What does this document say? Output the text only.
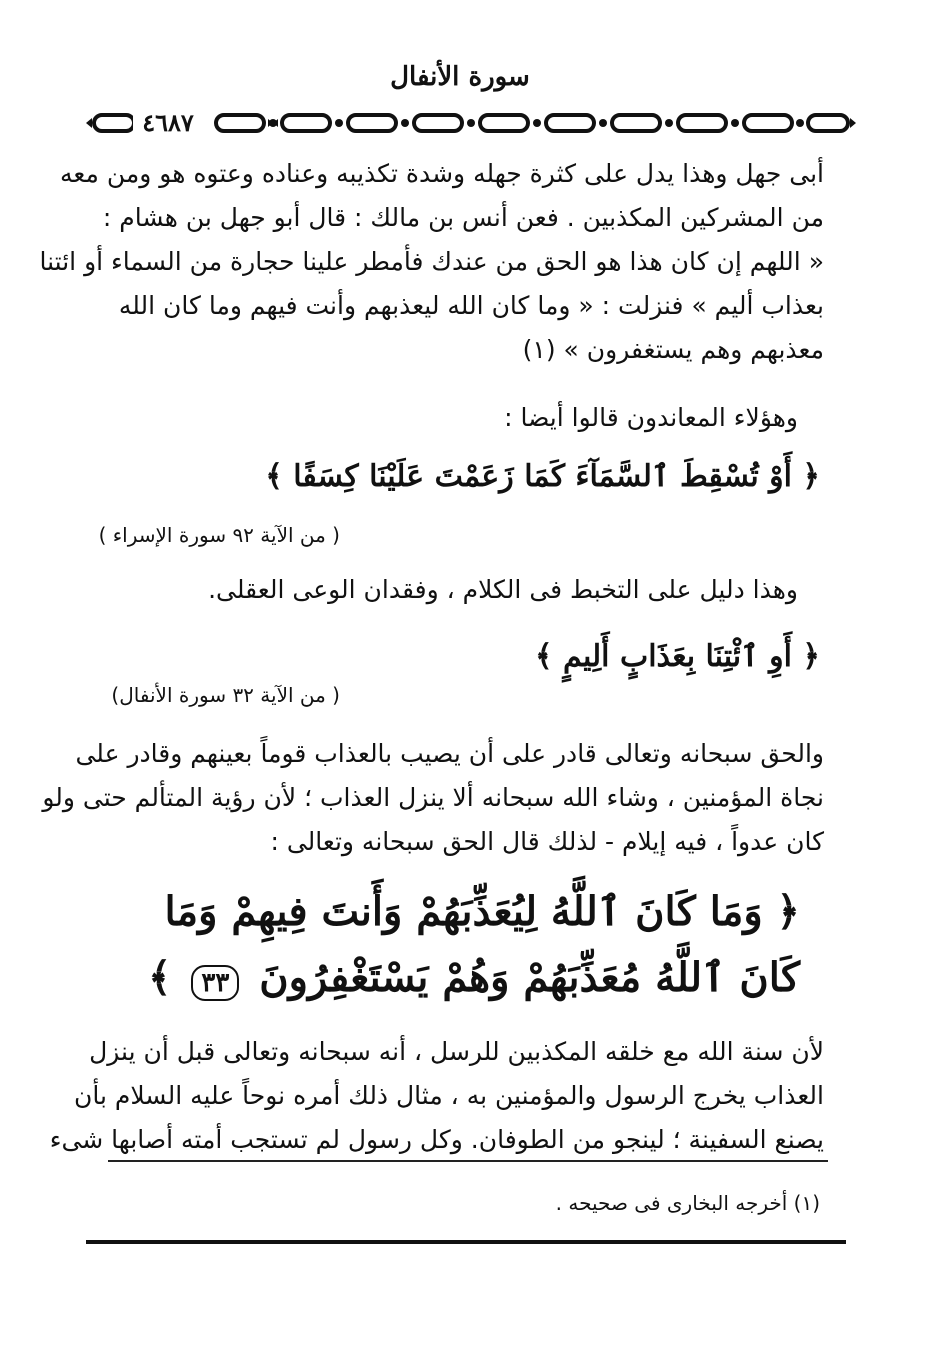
سورة الأنفال
٤٦٨٧
أبى جهل وهذا يدل على كثرة جهله وشدة تكذيبه وعناده وعتوه هو ومن معه
من المشركين المكذبين . فعن أنس بن مالك : قال أبو جهل بن هشام :
« اللهم إن كان هذا هو الحق من عندك فأمطر علينا حجارة من السماء أو ائتنا
بعذاب أليم » فنزلت : « وما كان الله ليعذبهم وأنت فيهم وما كان الله
معذبهم وهم يستغفرون » (١)
وهؤلاء المعاندون قالوا أيضا :
﴿ أَوْ تُسْقِطَ ٱلسَّمَآءَ كَمَا زَعَمْتَ عَلَيْنَا كِسَفًا ﴾
( من الآية ٩٢ سورة الإسراء )
وهذا دليل على التخبط فى الكلام ، وفقدان الوعى العقلى.
﴿ أَوِ ٱئْتِنَا بِعَذَابٍ أَلِيمٍ ﴾
( من الآية ٣٢ سورة الأنفال)
والحق سبحانه وتعالى قادر على أن يصيب بالعذاب قوماً بعينهم وقادر على
نجاة المؤمنين ، وشاء الله سبحانه ألا ينزل العذاب ؛ لأن رؤية المتألم حتى ولو
كان عدواً ، فيه إيلام - لذلك قال الحق سبحانه وتعالى :
﴿ وَمَا كَانَ ٱللَّهُ لِيُعَذِّبَهُمْ وَأَنتَ فِيهِمْ وَمَا
كَانَ ٱللَّهُ مُعَذِّبَهُمْ وَهُمْ يَسْتَغْفِرُونَ ٣٣ ﴾
لأن سنة الله مع خلقه المكذبين للرسل ، أنه سبحانه وتعالى قبل أن ينزل
العذاب يخرج الرسول والمؤمنين به ، مثال ذلك أمره نوحاً عليه السلام بأن
يصنع السفينة ؛ لينجو من الطوفان. وكل رسول لم تستجب أمته أصابها شىء
(١) أخرجه البخارى فى صحيحه .
